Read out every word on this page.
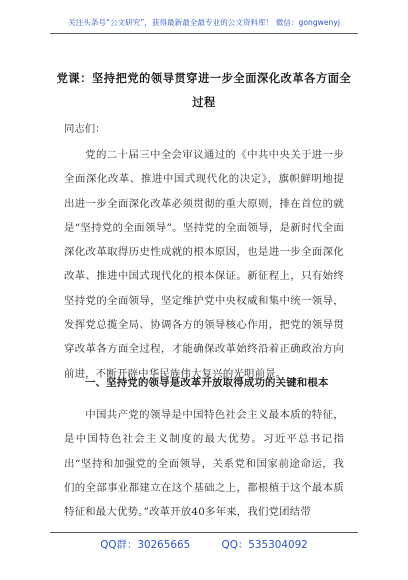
关注头条号“公文研究”，获得最新最全最专业的公文资料库！ 微信：gongwenyj
党课：坚持把党的领导贯穿进一步全面深化改革各方面全过程
同志们：
党的二十届三中全会审议通过的《中共中央关于进一步全面深化改革、推进中国式现代化的决定》，旗帜鲜明地提出进一步全面深化改革必须贯彻的重大原则，排在首位的就是“坚持党的全面领导”。坚持党的全面领导，是新时代全面深化改革取得历史性成就的根本原因，也是进一步全面深化改革、推进中国式现代化的根本保证。新征程上，只有始终坚持党的全面领导，坚定维护党中央权威和集中统一领导，发挥党总揽全局、协调各方的领导核心作用，把党的领导贯穿改革各方面全过程，才能确保改革始终沿着正确政治方向前进，不断开辟中华民族伟大复兴的光明前景。
一、坚持党的领导是改革开放取得成功的关键和根本
中国共产党的领导是中国特色社会主义最本质的特征，是中国特色社会主义制度的最大优势。习近平总书记指出“坚持和加强党的全面领导，关系党和国家前途命运，我们的全部事业都建立在这个基础之上，都根植于这个最本质特征和最大优势。”改革开放40多年来，我们党团结带
QQ群：30265665	QQ：535304092
